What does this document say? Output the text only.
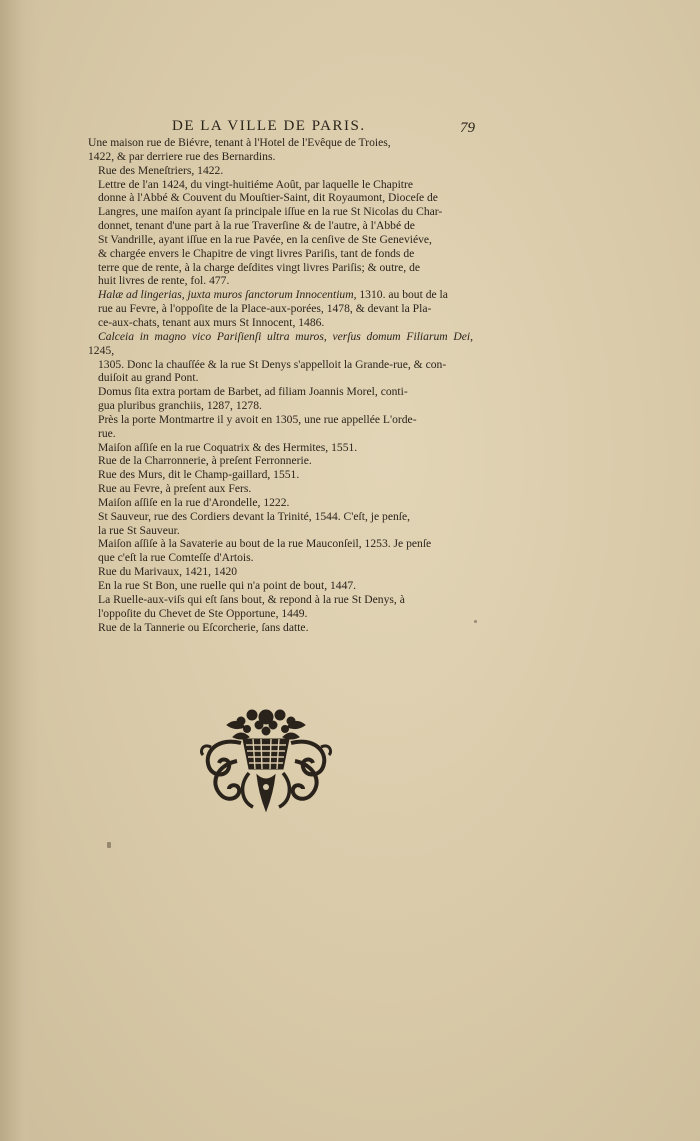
DE LA VILLE DE PARIS.	79

Une maison rue de Biévre, tenant à l'Hotel de l'Evêque de Troies,
1422, & par derriere rue des Bernardins.

Rue des Meneſtriers, 1422.

Lettre de l'an 1424, du vingt-huitiéme Août, par laquelle le Chapitre
donne à l'Abbé & Couvent du Mouſtier-Saint, dit Royaumont, Dioceſe de
Langres, une maiſon ayant ſa principale iſſue en la rue St Nicolas du Char-
donnet, tenant d'une part à la rue Traverſine & de l'autre, à l'Abbé de
St Vandrille, ayant iſſue en la rue Pavée, en la cenſive de Ste Geneviéve,
& chargée envers le Chapitre de vingt livres Pariſis, tant de fonds de
terre que de rente, à la charge deſdites vingt livres Pariſis; & outre, de
huit livres de rente, fol. 477.

Halæ ad lingerias, juxta muros ſanctorum Innocentium, 1310. au bout de la
rue au Fevre, à l'oppoſite de la Place-aux-porées, 1478, & devant la Pla-
ce-aux-chats, tenant aux murs St Innocent, 1486.

Calceia in magno vico Pariſienſi ultra muros, verſus domum Filiarum Dei, 1245,
1305. Donc la chauſſée & la rue St Denys s'appelloit la Grande-rue, & con-
duiſoit au grand Pont.

Domus ſita extra portam de Barbet, ad filiam Joannis Morel, conti-
gua pluribus granchiis, 1287, 1278.

Près la porte Montmartre il y avoit en 1305, une rue appellée L'orde-
rue.

Maiſon aſſiſe en la rue Coquatrix & des Hermites, 1551.

Rue de la Charronnerie, à preſent Ferronnerie.

Rue des Murs, dit le Champ-gaillard, 1551.

Rue au Fevre, à preſent aux Fers.

Maiſon aſſiſe en la rue d'Arondelle, 1222.

St Sauveur, rue des Cordiers devant la Trinité, 1544. C'eſt, je penſe,
la rue St Sauveur.

Maiſon aſſiſe à la Savaterie au bout de la rue Mauconſeil, 1253. Je penſe
que c'eſt la rue Comteſſe d'Artois.

Rue du Marivaux, 1421, 1420

En la rue St Bon, une ruelle qui n'a point de bout, 1447.

La Ruelle-aux-viſs qui eſt ſans bout, & repond à la rue St Denys, à
l'oppoſite du Chevet de Ste Opportune, 1449.

Rue de la Tannerie ou Eſcorcherie, ſans datte.
